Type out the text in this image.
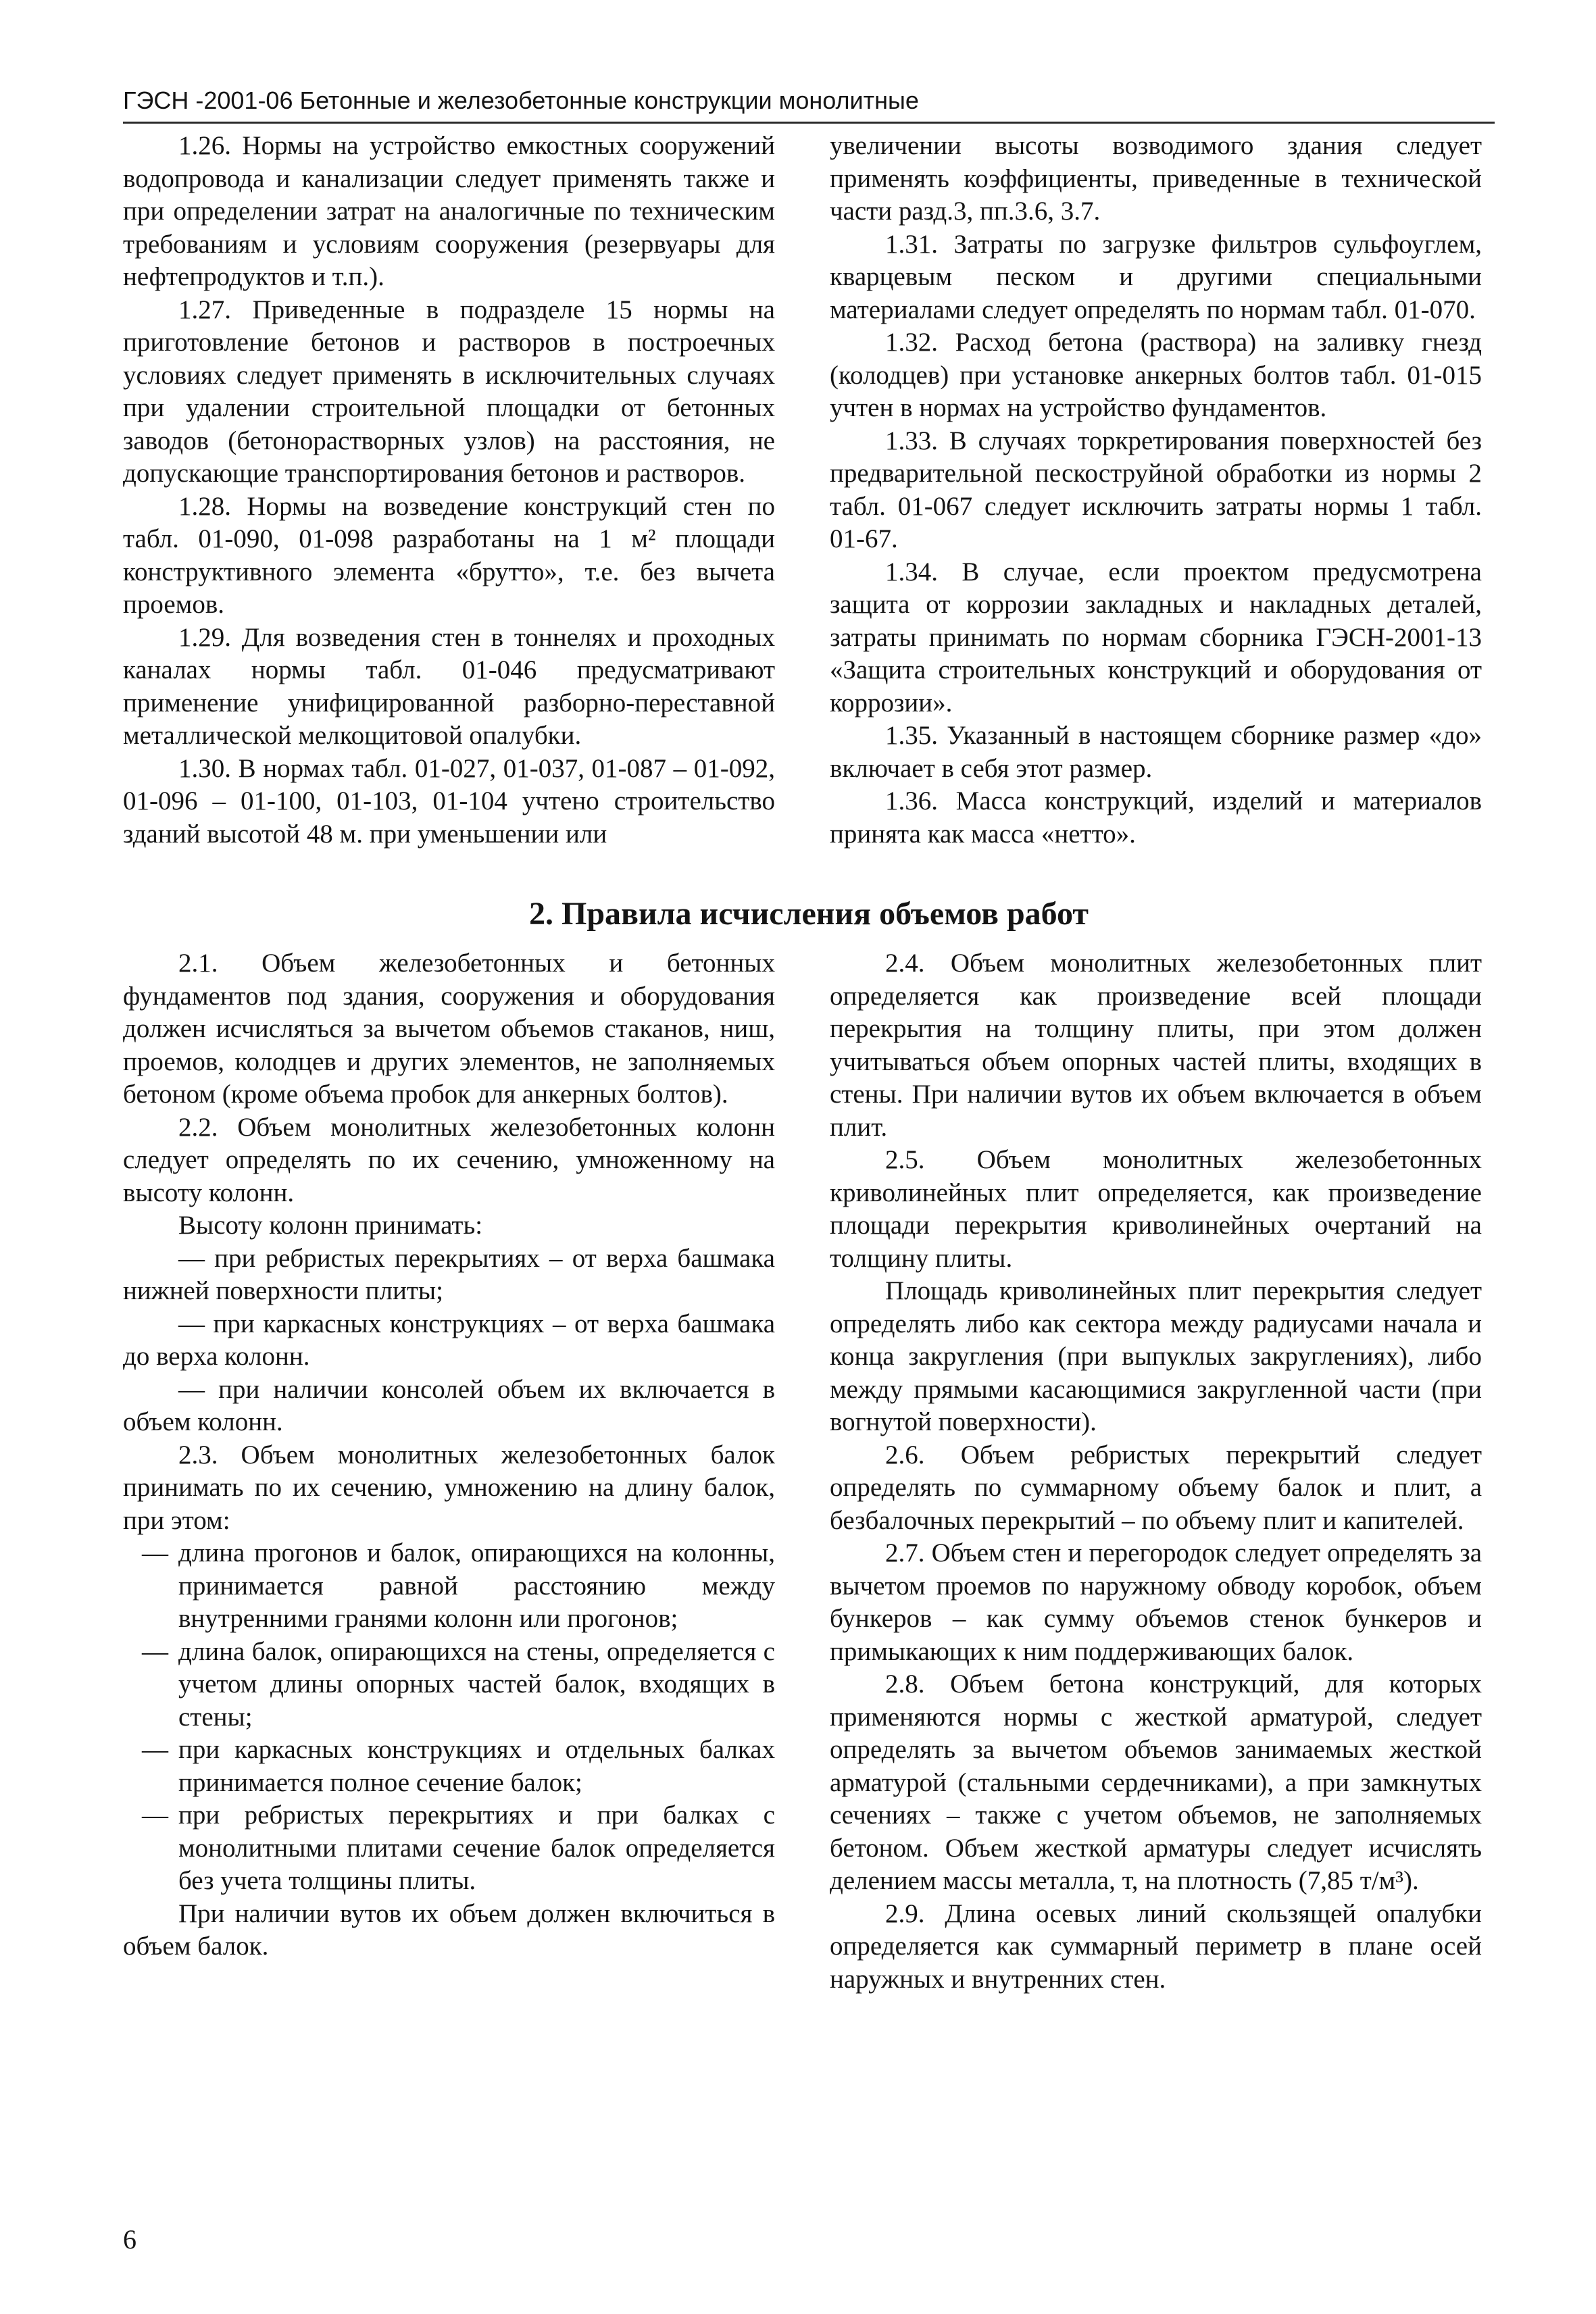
ГЭСН -2001-06 Бетонные и железобетонные конструкции монолитные

1.26. Нормы на устройство емкостных сооружений водопровода и канализации следует применять также и при определении затрат на аналогичные по техническим требованиям и условиям сооружения (резервуары для нефтепродуктов и т.п.).

1.27. Приведенные в подразделе 15 нормы на приготовление бетонов и растворов в построечных условиях следует применять в исключительных случаях при удалении строительной площадки от бетонных заводов (бетонорастворных узлов) на расстояния, не допускающие транспортирования бетонов и растворов.

1.28. Нормы на возведение конструкций стен по табл. 01-090, 01-098 разработаны на 1 м² площади конструктивного элемента «брутто», т.е. без вычета проемов.

1.29. Для возведения стен в тоннелях и проходных каналах нормы табл. 01-046 предусматривают применение унифицированной разборно-переставной металлической мелкощитовой опалубки.

1.30. В нормах табл. 01-027, 01-037, 01-087 – 01-092, 01-096 – 01-100, 01-103, 01-104 учтено строительство зданий высотой 48 м. при уменьшении или

увеличении высоты возводимого здания следует применять коэффициенты, приведенные в технической части разд.3, пп.3.6, 3.7.

1.31. Затраты по загрузке фильтров сульфоуглем, кварцевым песком и другими специальными материалами следует определять по нормам табл. 01-070.

1.32. Расход бетона (раствора) на заливку гнезд (колодцев) при установке анкерных болтов табл. 01-015 учтен в нормах на устройство фундаментов.

1.33. В случаях торкретирования поверхностей без предварительной пескоструйной обработки из нормы 2 табл. 01-067 следует исключить затраты нормы 1 табл. 01-67.

1.34. В случае, если проектом предусмотрена защита от коррозии закладных и накладных деталей, затраты принимать по нормам сборника ГЭСН-2001-13 «Защита строительных конструкций и оборудования от коррозии».

1.35. Указанный в настоящем сборнике размер «до» включает в себя этот размер.

1.36. Масса конструкций, изделий и материалов принята как масса «нетто».

2. Правила исчисления объемов работ

2.1. Объем железобетонных и бетонных фундаментов под здания, сооружения и оборудования должен исчисляться за вычетом объемов стаканов, ниш, проемов, колодцев и других элементов, не заполняемых бетоном (кроме объема пробок для анкерных болтов).

2.2. Объем монолитных железобетонных колонн следует определять по их сечению, умноженному на высоту колонн.

Высоту колонн принимать:

— при ребристых перекрытиях – от верха башмака нижней поверхности плиты;

— при каркасных конструкциях – от верха башмака до верха колонн.

— при наличии консолей объем их включается в объем колонн.

2.3. Объем монолитных железобетонных балок принимать по их сечению, умножению на длину балок, при этом:

— длина прогонов и балок, опирающихся на колонны, принимается равной расстоянию между внутренними гранями колонн или прогонов;
— длина балок, опирающихся на стены, определяется с учетом длины опорных частей балок, входящих в стены;
— при каркасных конструкциях и отдельных балках принимается полное сечение балок;
— при ребристых перекрытиях и при балках с монолитными плитами сечение балок определяется без учета толщины плиты.

При наличии вутов их объем должен включиться в объем балок.

2.4. Объем монолитных железобетонных плит определяется как произведение всей площади перекрытия на толщину плиты, при этом должен учитываться объем опорных частей плиты, входящих в стены. При наличии вутов их объем включается в объем плит.

2.5. Объем монолитных железобетонных криволинейных плит определяется, как произведение площади перекрытия криволинейных очертаний на толщину плиты.

Площадь криволинейных плит перекрытия следует определять либо как сектора между радиусами начала и конца закругления (при выпуклых закруглениях), либо между прямыми касающимися закругленной части (при вогнутой поверхности).

2.6. Объем ребристых перекрытий следует определять по суммарному объему балок и плит, а безбалочных перекрытий – по объему плит и капителей.

2.7. Объем стен и перегородок следует определять за вычетом проемов по наружному обводу коробок, объем бункеров – как сумму объемов стенок бункеров и примыкающих к ним поддерживающих балок.

2.8. Объем бетона конструкций, для которых применяются нормы с жесткой арматурой, следует определять за вычетом объемов занимаемых жесткой арматурой (стальными сердечниками), а при замкнутых сечениях – также с учетом объемов, не заполняемых бетоном. Объем жесткой арматуры следует исчислять делением массы металла, т, на плотность (7,85 т/м³).

2.9. Длина осевых линий скользящей опалубки определяется как суммарный периметр в плане осей наружных и внутренних стен.

6
